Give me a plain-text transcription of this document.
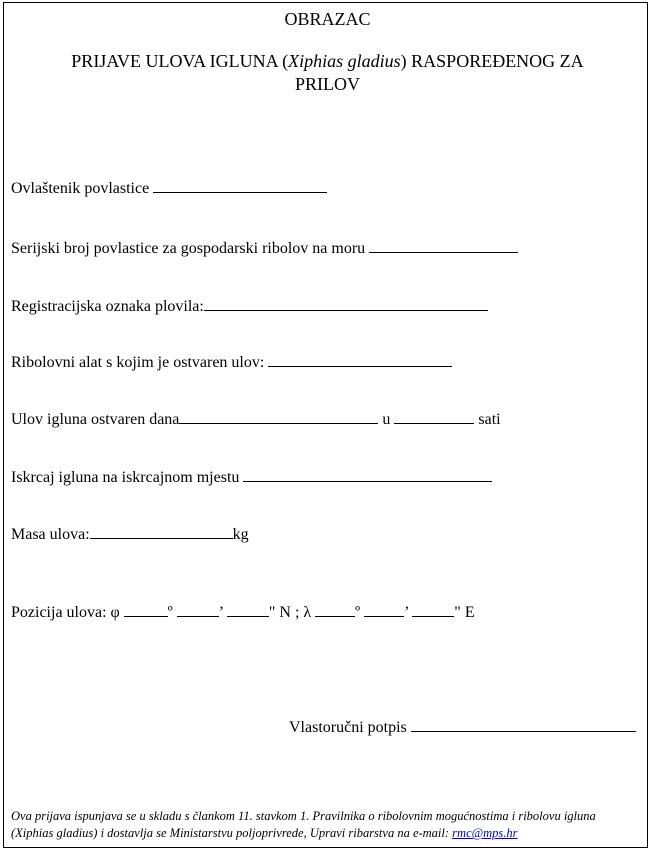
OBRAZAC
PRIJAVE ULOVA IGLUNA (Xiphias gladius) RASPOREĐENOG ZA
PRILOV
Ovlaštenik povlastice
Serijski broj povlastice za gospodarski ribolov na moru
Registracijska oznaka plovila:
Ribolovni alat s kojim je ostvaren ulov:
Ulov igluna ostvaren dana	u	sati
Iskrcaj igluna na iskrcajnom mjestu
Masa ulova:	kg
Pozicija ulova: φ	º	’	" N ; λ	º	’	" E
Vlastoručni potpis
Ova prijava ispunjava se u skladu s člankom 11. stavkom 1. Pravilnika o ribolovnim mogućnostima i ribolovu igluna (Xiphias gladius) i dostavlja se Ministarstvu poljoprivrede, Upravi ribarstva na e-mail: rmc@mps.hr
